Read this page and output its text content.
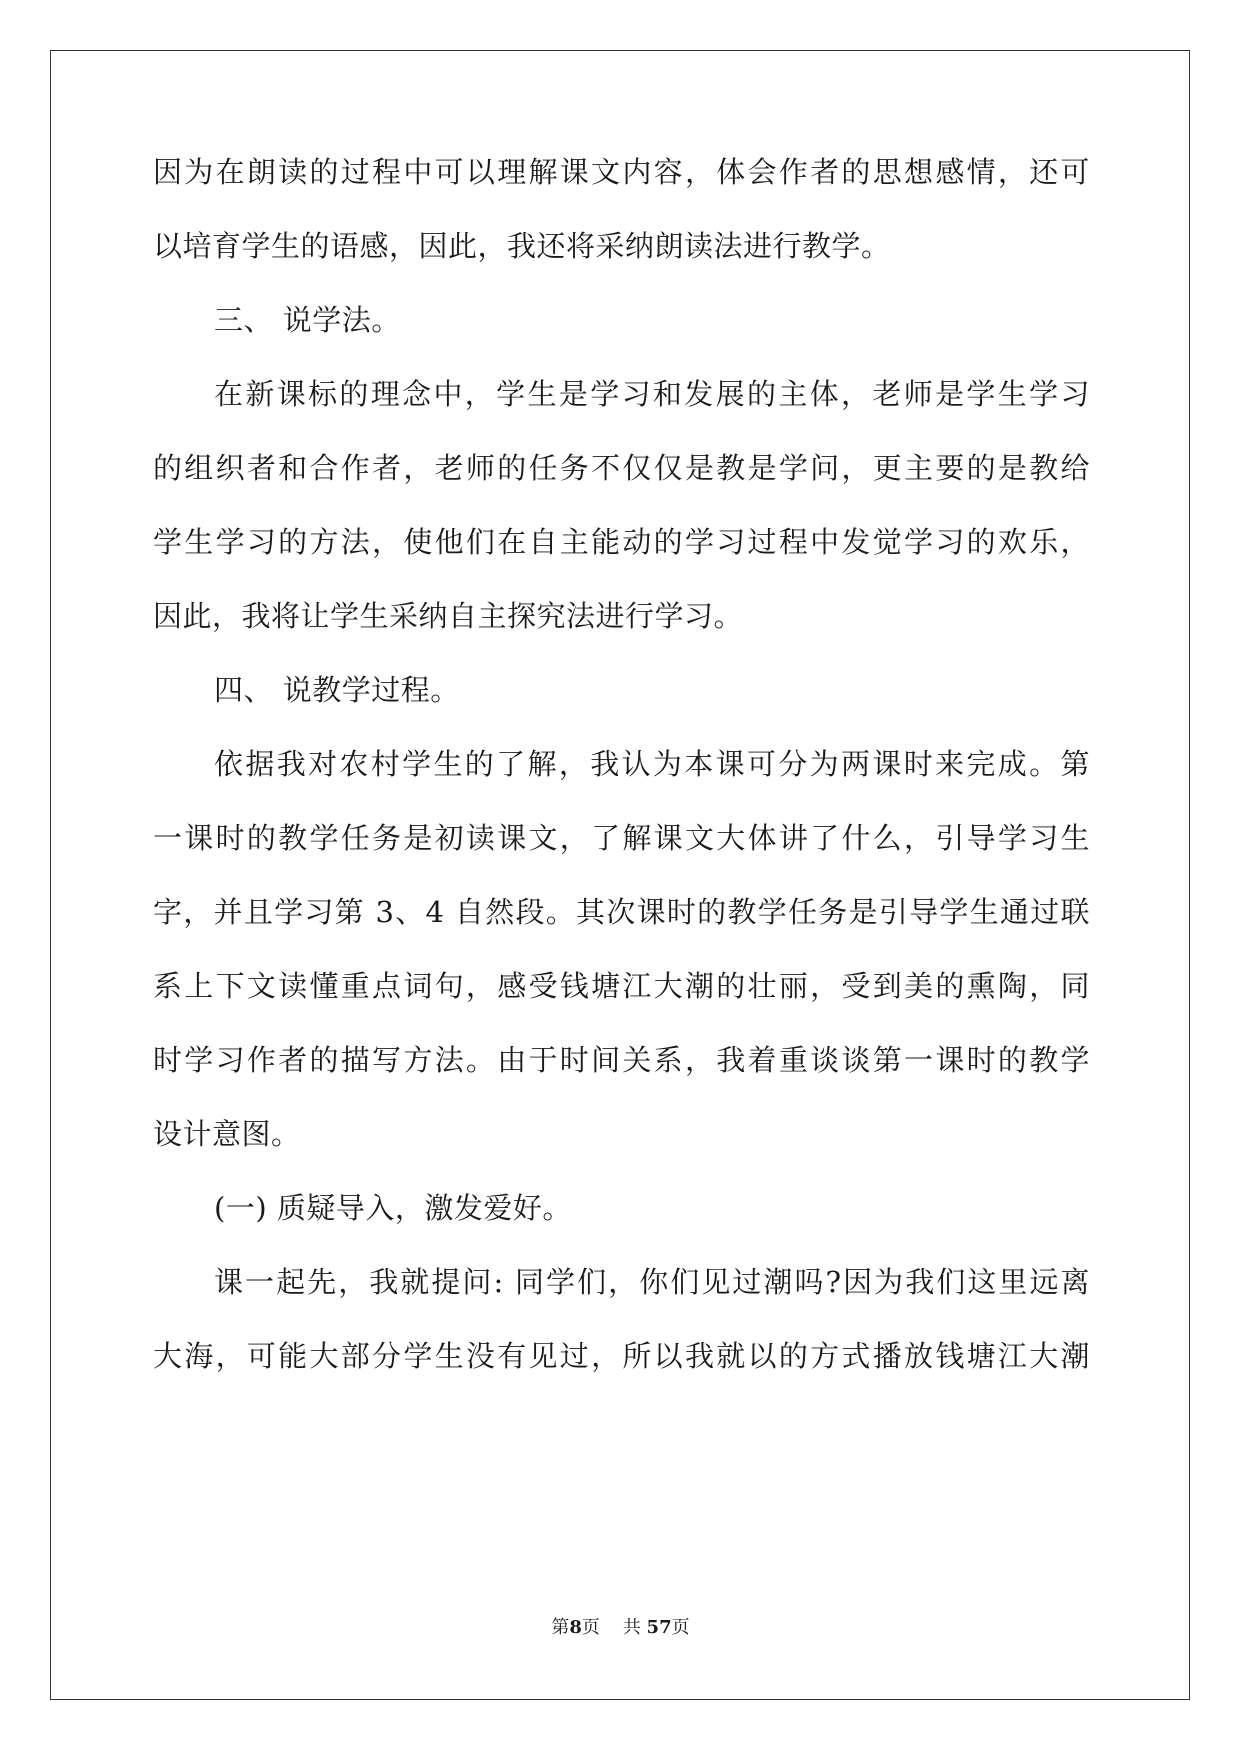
因为在朗读的过程中可以理解课文内容，体会作者的思想感情，还可
以培育学生的语感，因此，我还将采纳朗读法进行教学。
三、 说学法。
在新课标的理念中，学生是学习和发展的主体，老师是学生学习
的组织者和合作者，老师的任务不仅仅是教是学问，更主要的是教给
学生学习的方法，使他们在自主能动的学习过程中发觉学习的欢乐，
因此，我将让学生采纳自主探究法进行学习。
四、 说教学过程。
依据我对农村学生的了解，我认为本课可分为两课时来完成。第
一课时的教学任务是初读课文，了解课文大体讲了什么，引导学习生
字，并且学习第 3、4 自然段。其次课时的教学任务是引导学生通过联
系上下文读懂重点词句，感受钱塘江大潮的壮丽，受到美的熏陶，同
时学习作者的描写方法。由于时间关系，我着重谈谈第一课时的教学
设计意图。
(一) 质疑导入，激发爱好。
课一起先，我就提问: 同学们，你们见过潮吗?因为我们这里远离
大海，可能大部分学生没有见过，所以我就以的方式播放钱塘江大潮
第8页 共 57页
